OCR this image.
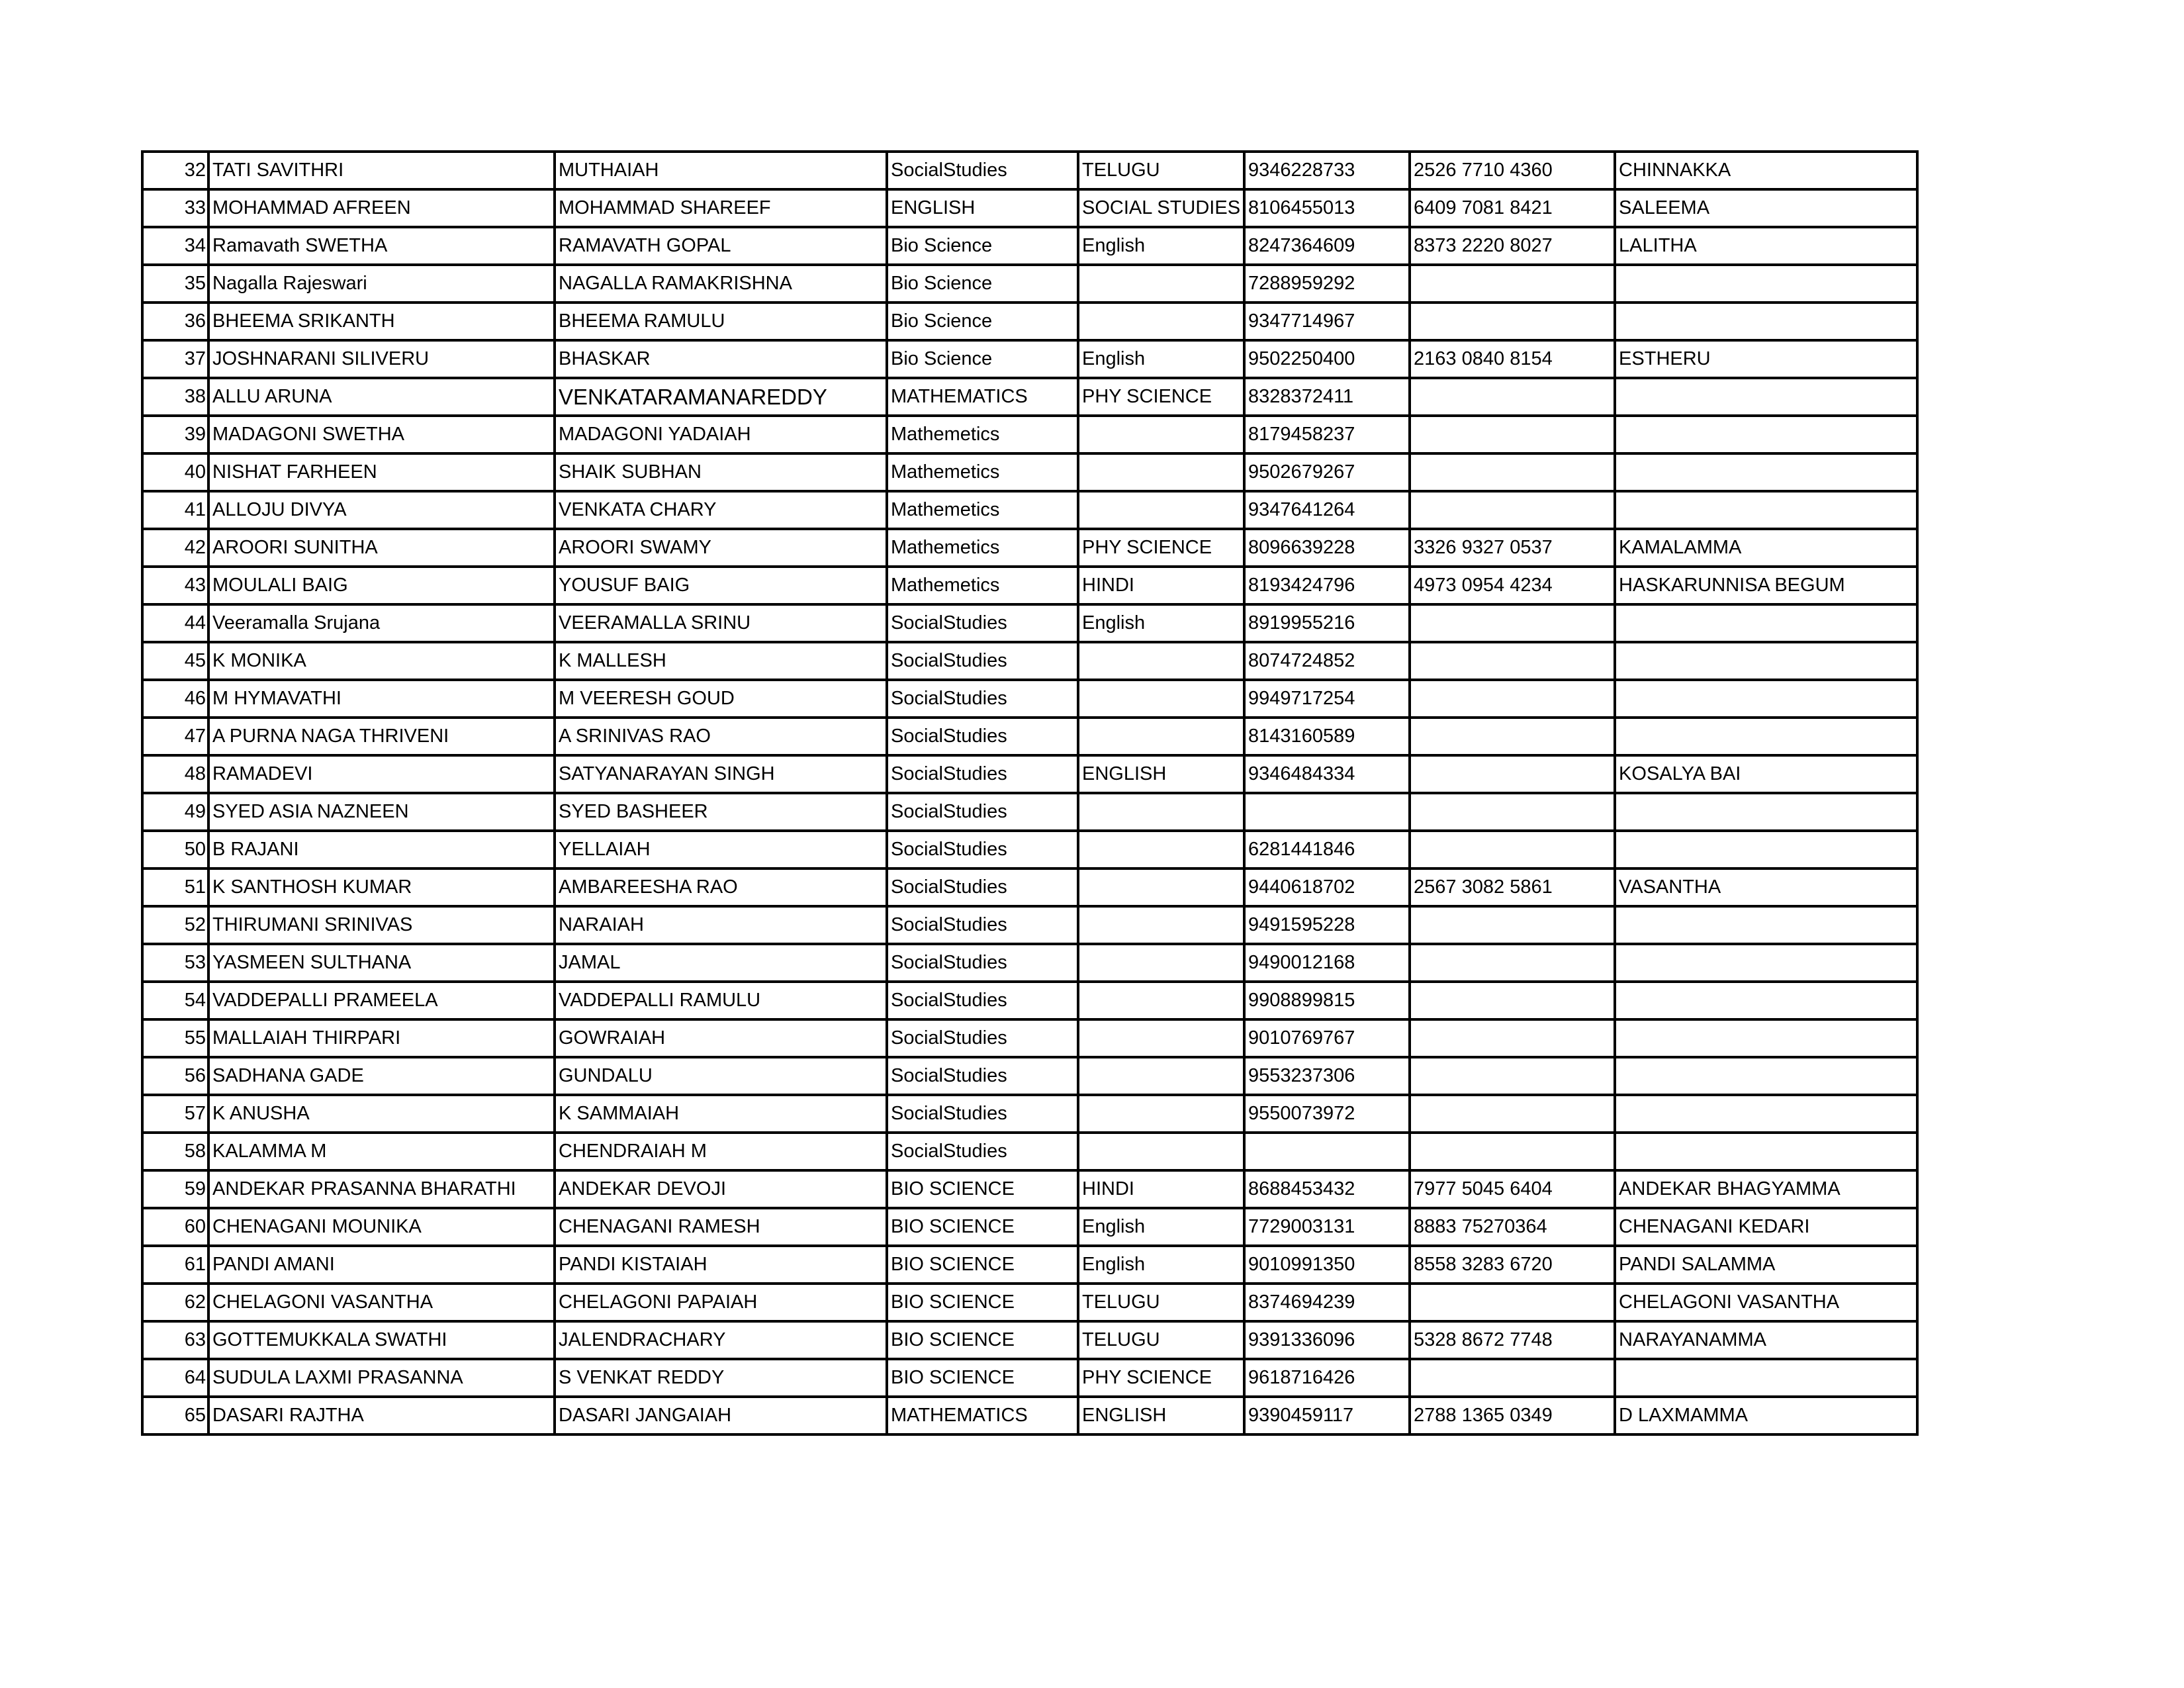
32	TATI SAVITHRI	MUTHAIAH	SocialStudies	TELUGU	9346228733	2526 7710 4360	CHINNAKKA
33	MOHAMMAD AFREEN	MOHAMMAD SHAREEF	ENGLISH	SOCIAL STUDIES	8106455013	6409 7081 8421	SALEEMA
34	Ramavath SWETHA	RAMAVATH GOPAL	Bio Science	English	8247364609	8373 2220 8027	LALITHA
35	Nagalla Rajeswari	NAGALLA RAMAKRISHNA	Bio Science		7288959292		
36	BHEEMA SRIKANTH	BHEEMA RAMULU	Bio Science		9347714967		
37	JOSHNARANI SILIVERU	BHASKAR	Bio Science	English	9502250400	2163 0840 8154	ESTHERU
38	ALLU ARUNA	VENKATARAMANAREDDY	MATHEMATICS	PHY SCIENCE	8328372411		
39	MADAGONI SWETHA	MADAGONI YADAIAH	Mathemetics		8179458237		
40	NISHAT FARHEEN	SHAIK SUBHAN	Mathemetics		9502679267		
41	ALLOJU DIVYA	VENKATA CHARY	Mathemetics		9347641264		
42	AROORI SUNITHA	AROORI SWAMY	Mathemetics	PHY SCIENCE	8096639228	3326 9327 0537	KAMALAMMA
43	MOULALI BAIG	YOUSUF BAIG	Mathemetics	HINDI	8193424796	4973 0954 4234	HASKARUNNISA BEGUM
44	Veeramalla Srujana	VEERAMALLA SRINU	SocialStudies	English	8919955216		
45	K MONIKA	K MALLESH	SocialStudies		8074724852		
46	M HYMAVATHI	M VEERESH GOUD	SocialStudies		9949717254		
47	A PURNA NAGA THRIVENI	A SRINIVAS RAO	SocialStudies		8143160589		
48	RAMADEVI	SATYANARAYAN SINGH	SocialStudies	ENGLISH	9346484334		KOSALYA BAI
49	SYED ASIA NAZNEEN	SYED BASHEER	SocialStudies				
50	B RAJANI	YELLAIAH	SocialStudies		6281441846		
51	K SANTHOSH KUMAR	AMBAREESHA RAO	SocialStudies		9440618702	2567 3082 5861	VASANTHA
52	THIRUMANI SRINIVAS	NARAIAH	SocialStudies		9491595228		
53	YASMEEN SULTHANA	JAMAL	SocialStudies		9490012168		
54	VADDEPALLI PRAMEELA	VADDEPALLI RAMULU	SocialStudies		9908899815		
55	MALLAIAH THIRPARI	GOWRAIAH	SocialStudies		9010769767		
56	SADHANA GADE	GUNDALU	SocialStudies		9553237306		
57	K ANUSHA	K SAMMAIAH	SocialStudies		9550073972		
58	KALAMMA M	CHENDRAIAH M	SocialStudies				
59	ANDEKAR PRASANNA BHARATHI	ANDEKAR DEVOJI	BIO SCIENCE	HINDI	8688453432	7977 5045 6404	ANDEKAR BHAGYAMMA
60	CHENAGANI MOUNIKA	CHENAGANI RAMESH	BIO SCIENCE	English	7729003131	8883 75270364	CHENAGANI KEDARI
61	PANDI AMANI	PANDI KISTAIAH	BIO SCIENCE	English	9010991350	8558 3283 6720	PANDI SALAMMA
62	CHELAGONI VASANTHA	CHELAGONI PAPAIAH	BIO SCIENCE	TELUGU	8374694239		CHELAGONI VASANTHA
63	GOTTEMUKKALA SWATHI	JALENDRACHARY	BIO SCIENCE	TELUGU	9391336096	5328 8672 7748	NARAYANAMMA
64	SUDULA LAXMI PRASANNA	S VENKAT REDDY	BIO SCIENCE	PHY SCIENCE	9618716426		
65	DASARI RAJTHA	DASARI JANGAIAH	MATHEMATICS	ENGLISH	9390459117	2788 1365 0349	D LAXMAMMA
